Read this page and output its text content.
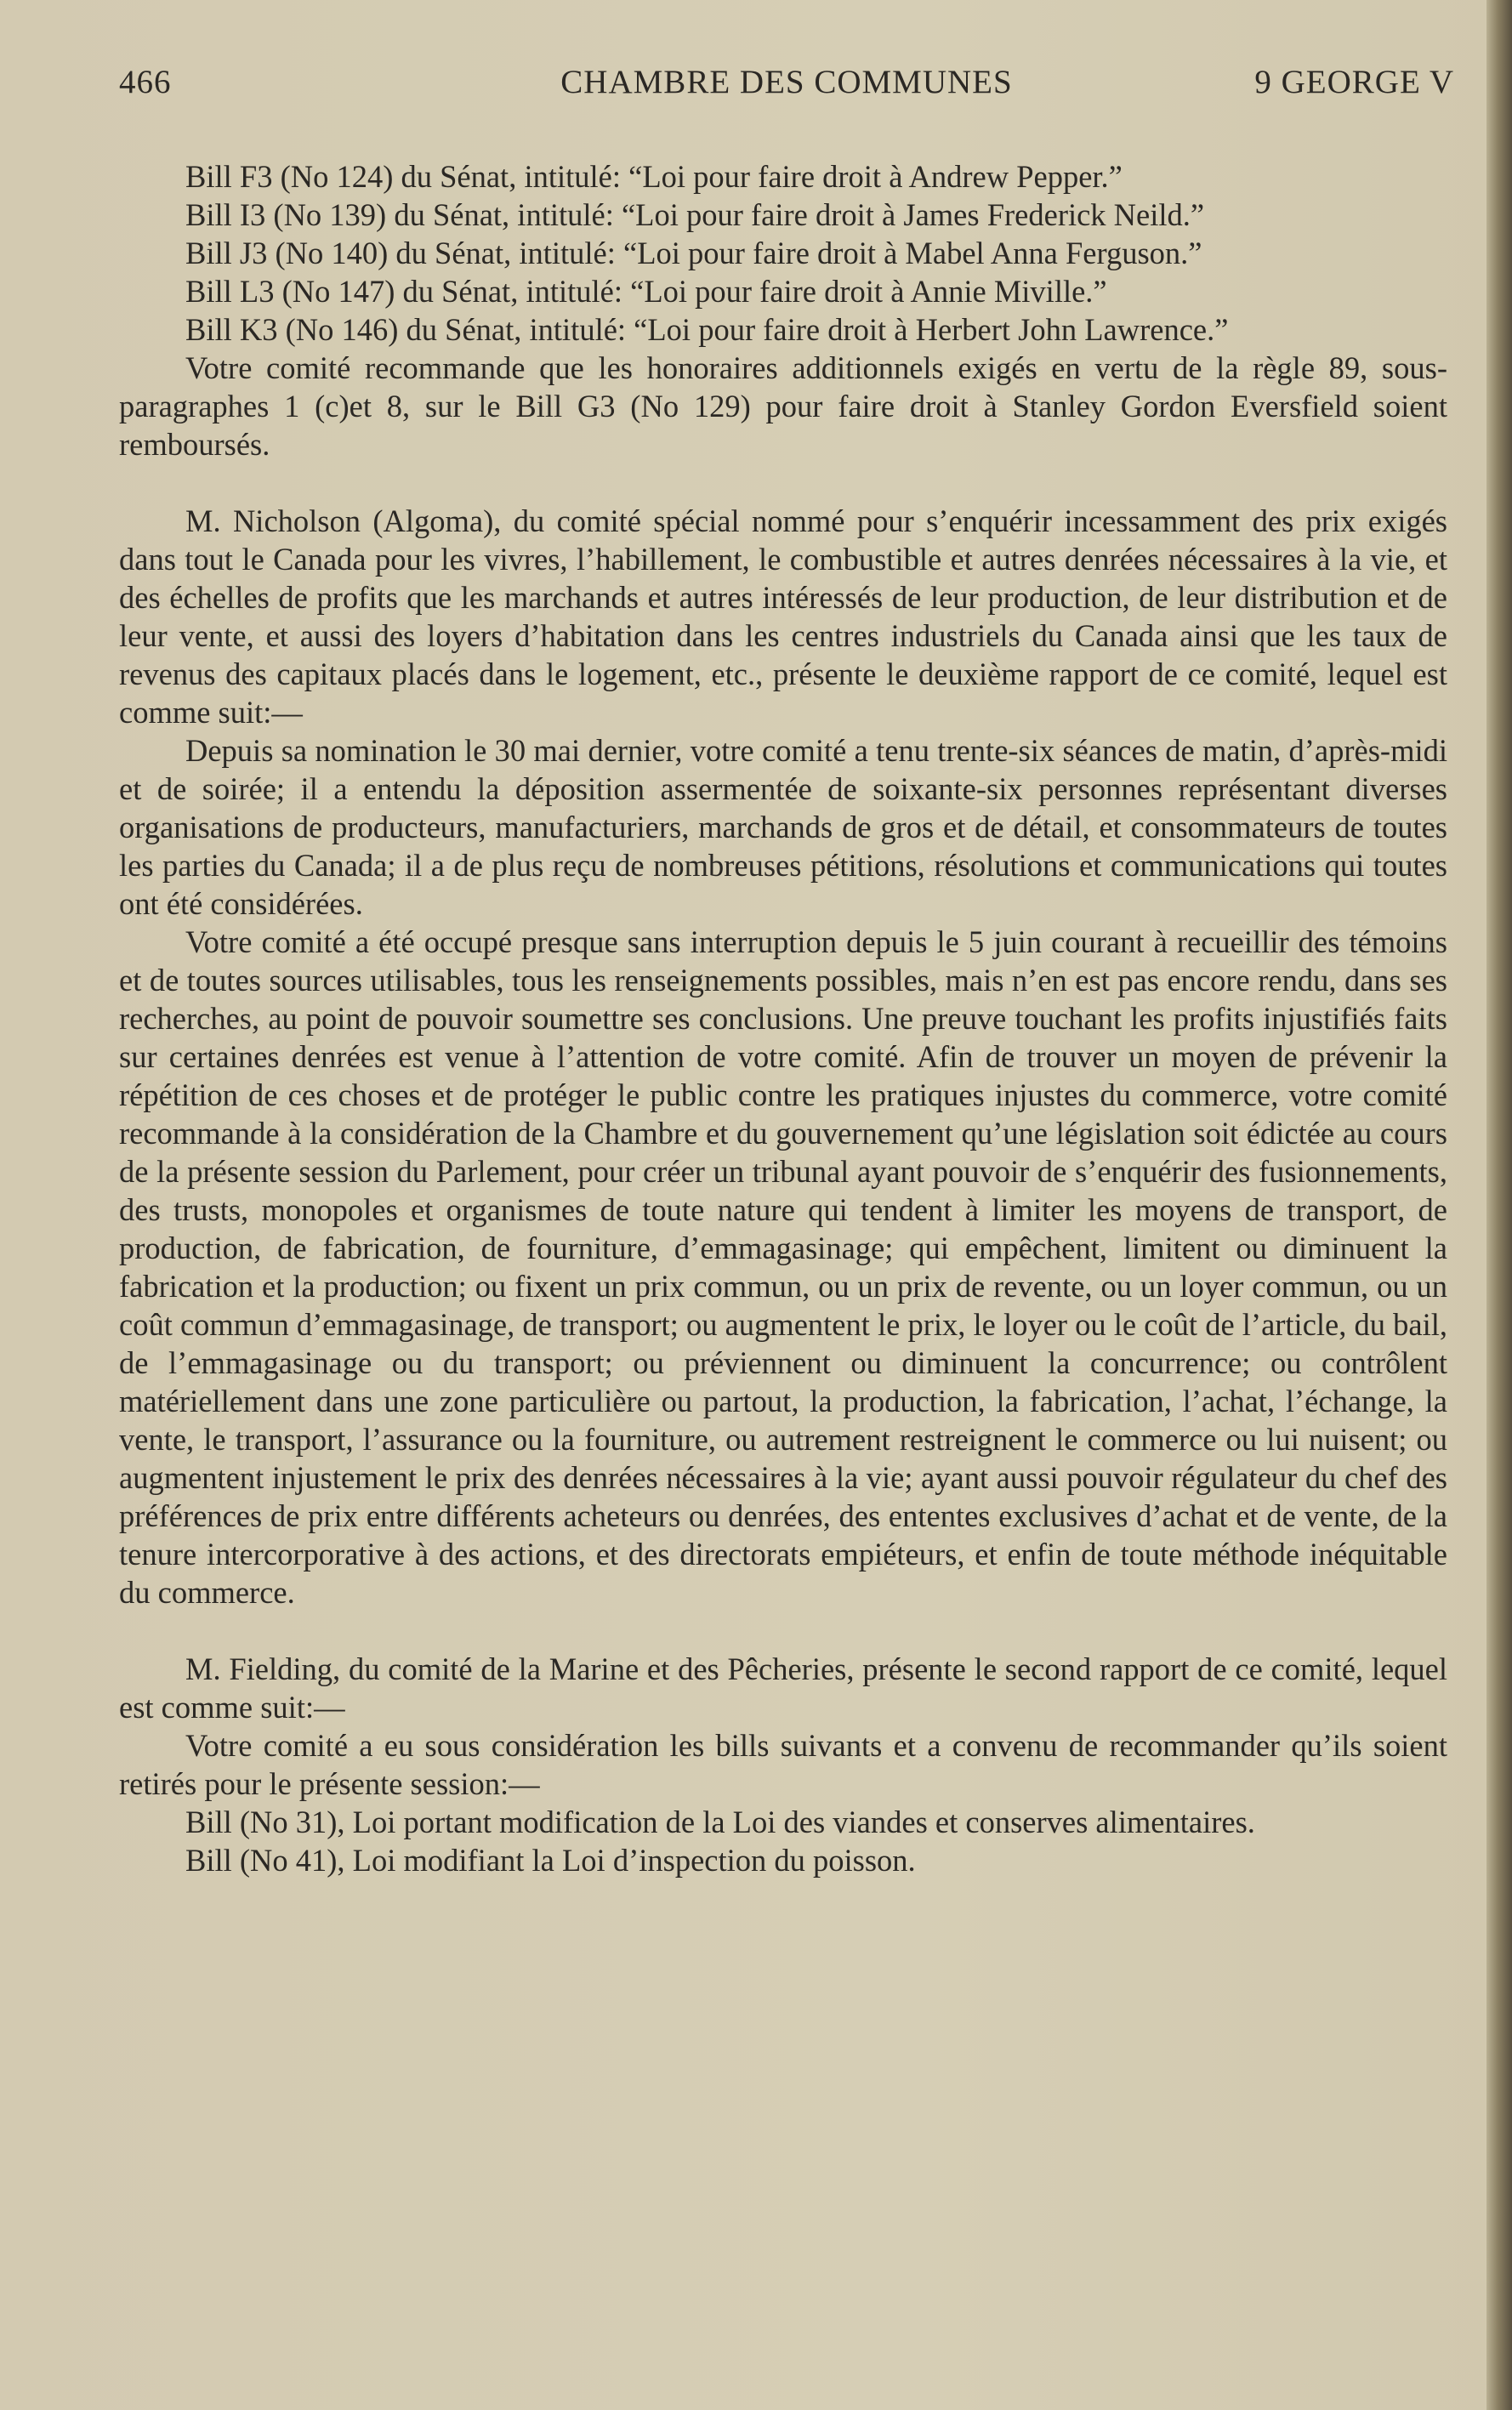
466	CHAMBRE DES COMMUNES	9 GEORGE V

Bill F3 (No 124) du Sénat, intitulé: “Loi pour faire droit à Andrew Pepper.”

Bill I3 (No 139) du Sénat, intitulé: “Loi pour faire droit à James Frederick Neild.”

Bill J3 (No 140) du Sénat, intitulé: “Loi pour faire droit à Mabel Anna Ferguson.”

Bill L3 (No 147) du Sénat, intitulé: “Loi pour faire droit à Annie Miville.”

Bill K3 (No 146) du Sénat, intitulé: “Loi pour faire droit à Herbert John Lawrence.”

Votre comité recommande que les honoraires additionnels exigés en vertu de la règle 89, sous-paragraphes 1 (c)et 8, sur le Bill G3 (No 129) pour faire droit à Stanley Gordon Eversfield soient remboursés.

M. Nicholson (Algoma), du comité spécial nommé pour s’enquérir incessamment des prix exigés dans tout le Canada pour les vivres, l’habillement, le combustible et autres denrées nécessaires à la vie, et des échelles de profits que les marchands et autres intéressés de leur production, de leur distribution et de leur vente, et aussi des loyers d’habitation dans les centres industriels du Canada ainsi que les taux de revenus des capitaux placés dans le logement, etc., présente le deuxième rapport de ce comité, lequel est comme suit:—

Depuis sa nomination le 30 mai dernier, votre comité a tenu trente-six séances de matin, d’après-midi et de soirée; il a entendu la déposition assermentée de soixante-six personnes représentant diverses organisations de producteurs, manufacturiers, marchands de gros et de détail, et consommateurs de toutes les parties du Canada; il a de plus reçu de nombreuses pétitions, résolutions et communications qui toutes ont été considérées.

Votre comité a été occupé presque sans interruption depuis le 5 juin courant à recueillir des témoins et de toutes sources utilisables, tous les renseignements possibles, mais n’en est pas encore rendu, dans ses recherches, au point de pouvoir soumettre ses conclusions. Une preuve touchant les profits injustifiés faits sur certaines denrées est venue à l’attention de votre comité. Afin de trouver un moyen de prévenir la répétition de ces choses et de protéger le public contre les pratiques injustes du commerce, votre comité recommande à la considération de la Chambre et du gouvernement qu’une législation soit édictée au cours de la présente session du Parlement, pour créer un tribunal ayant pouvoir de s’enquérir des fusionnements, des trusts, monopoles et organismes de toute nature qui tendent à limiter les moyens de transport, de production, de fabrication, de fourniture, d’emmagasinage; qui empêchent, limitent ou diminuent la fabrication et la production; ou fixent un prix commun, ou un prix de revente, ou un loyer commun, ou un coût commun d’emmagasinage, de transport; ou augmentent le prix, le loyer ou le coût de l’article, du bail, de l’emmagasinage ou du transport; ou préviennent ou diminuent la concurrence; ou contrôlent matériellement dans une zone particulière ou partout, la production, la fabrication, l’achat, l’échange, la vente, le transport, l’assurance ou la fourniture, ou autrement restreignent le commerce ou lui nuisent; ou augmentent injustement le prix des denrées nécessaires à la vie; ayant aussi pouvoir régulateur du chef des préférences de prix entre différents acheteurs ou denrées, des ententes exclusives d’achat et de vente, de la tenure intercorporative à des actions, et des directorats empiéteurs, et enfin de toute méthode inéquitable du commerce.

M. Fielding, du comité de la Marine et des Pêcheries, présente le second rapport de ce comité, lequel est comme suit:—

Votre comité a eu sous considération les bills suivants et a convenu de recommander qu’ils soient retirés pour le présente session:—

Bill (No 31), Loi portant modification de la Loi des viandes et conserves alimentaires.

Bill (No 41), Loi modifiant la Loi d’inspection du poisson.
